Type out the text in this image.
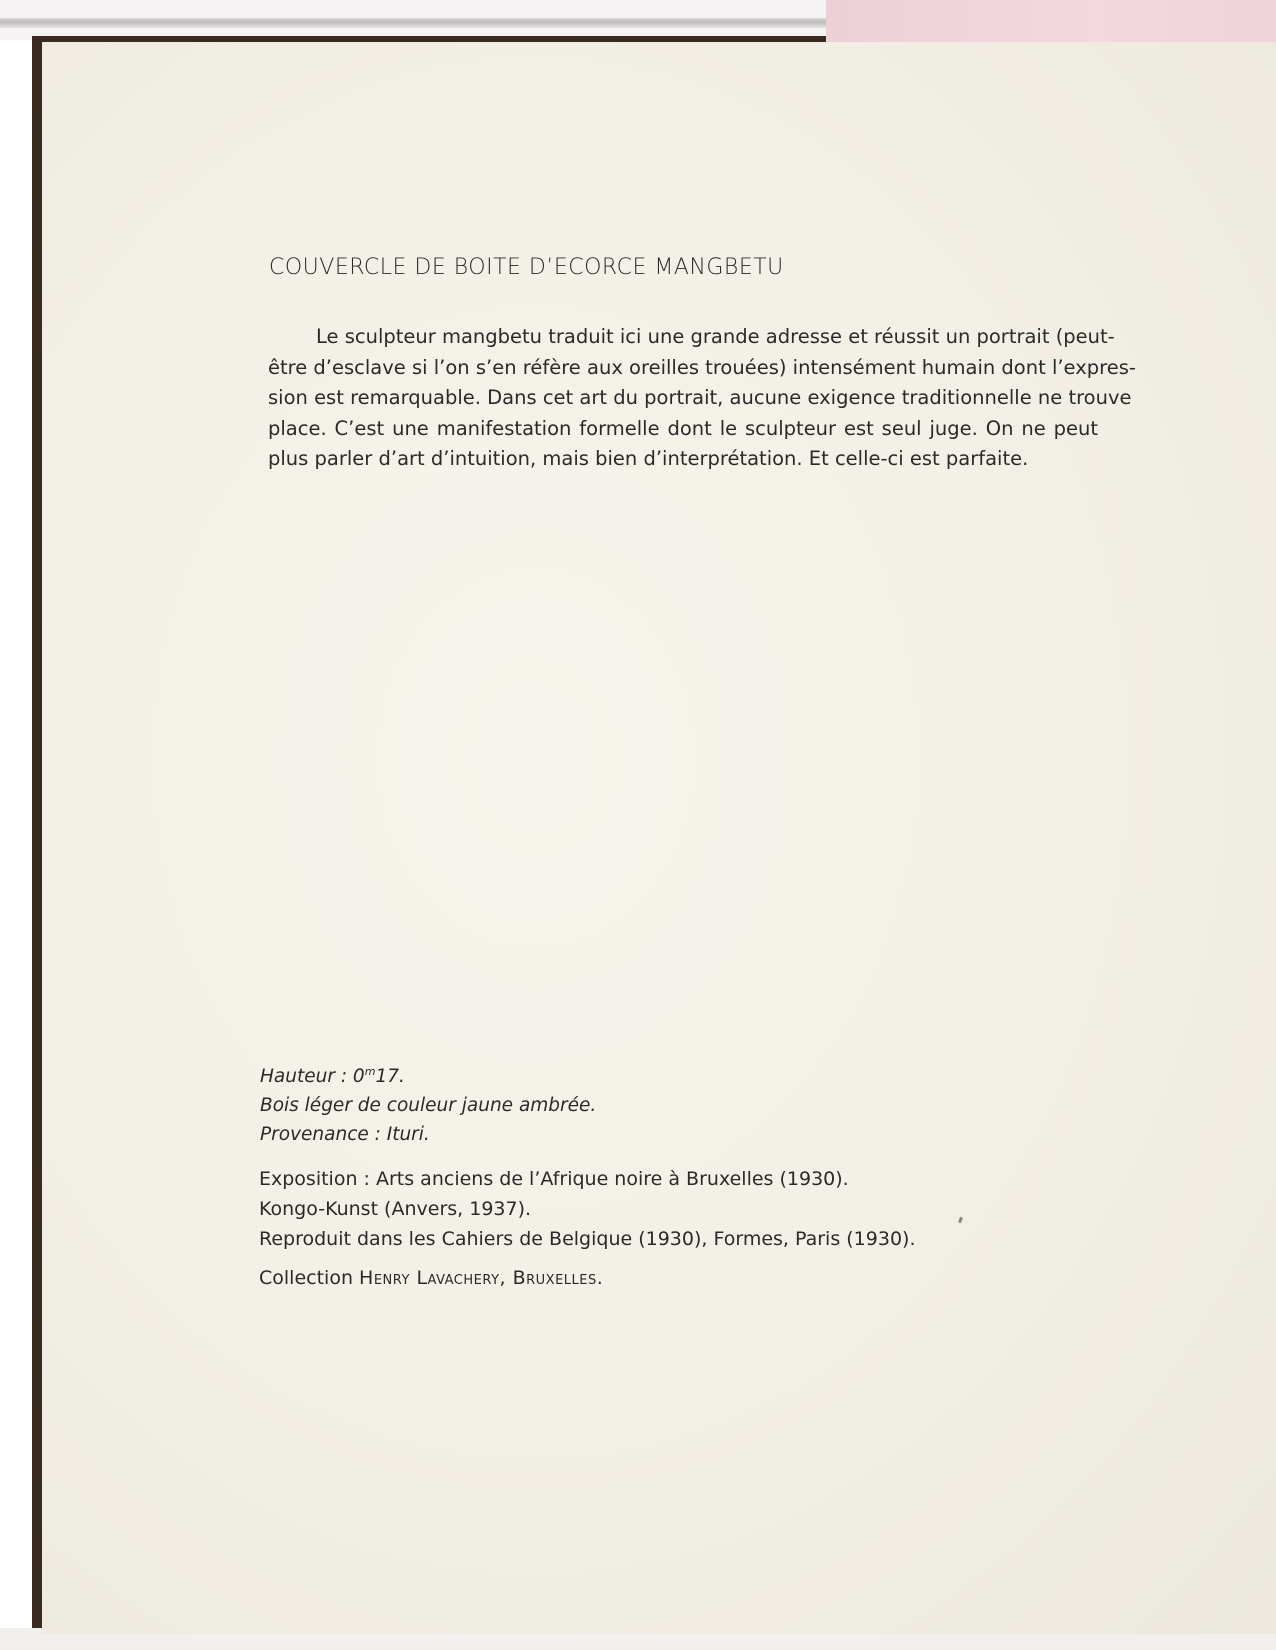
COUVERCLE DE BOITE D’ECORCE MANGBETU

Le sculpteur mangbetu traduit ici une grande adresse et réussit un portrait (peut-
être d’esclave si l’on s’en réfère aux oreilles trouées) intensément humain dont l’expres-
sion est remarquable. Dans cet art du portrait, aucune exigence traditionnelle ne trouve
place. C’est une manifestation formelle dont le sculpteur est seul juge. On ne peut
plus parler d’art d’intuition, mais bien d’interprétation. Et celle-ci est parfaite.

Hauteur : 0$^m$17.
Bois léger de couleur jaune ambrée.
Provenance : Ituri.
Exposition : Arts anciens de l’Afrique noire à Bruxelles (1930).
Kongo-Kunst (Anvers, 1937).
Reproduit dans les Cahiers de Belgique (1930), Formes, Paris (1930).
Collection Henry Lavachery, Bruxelles.
